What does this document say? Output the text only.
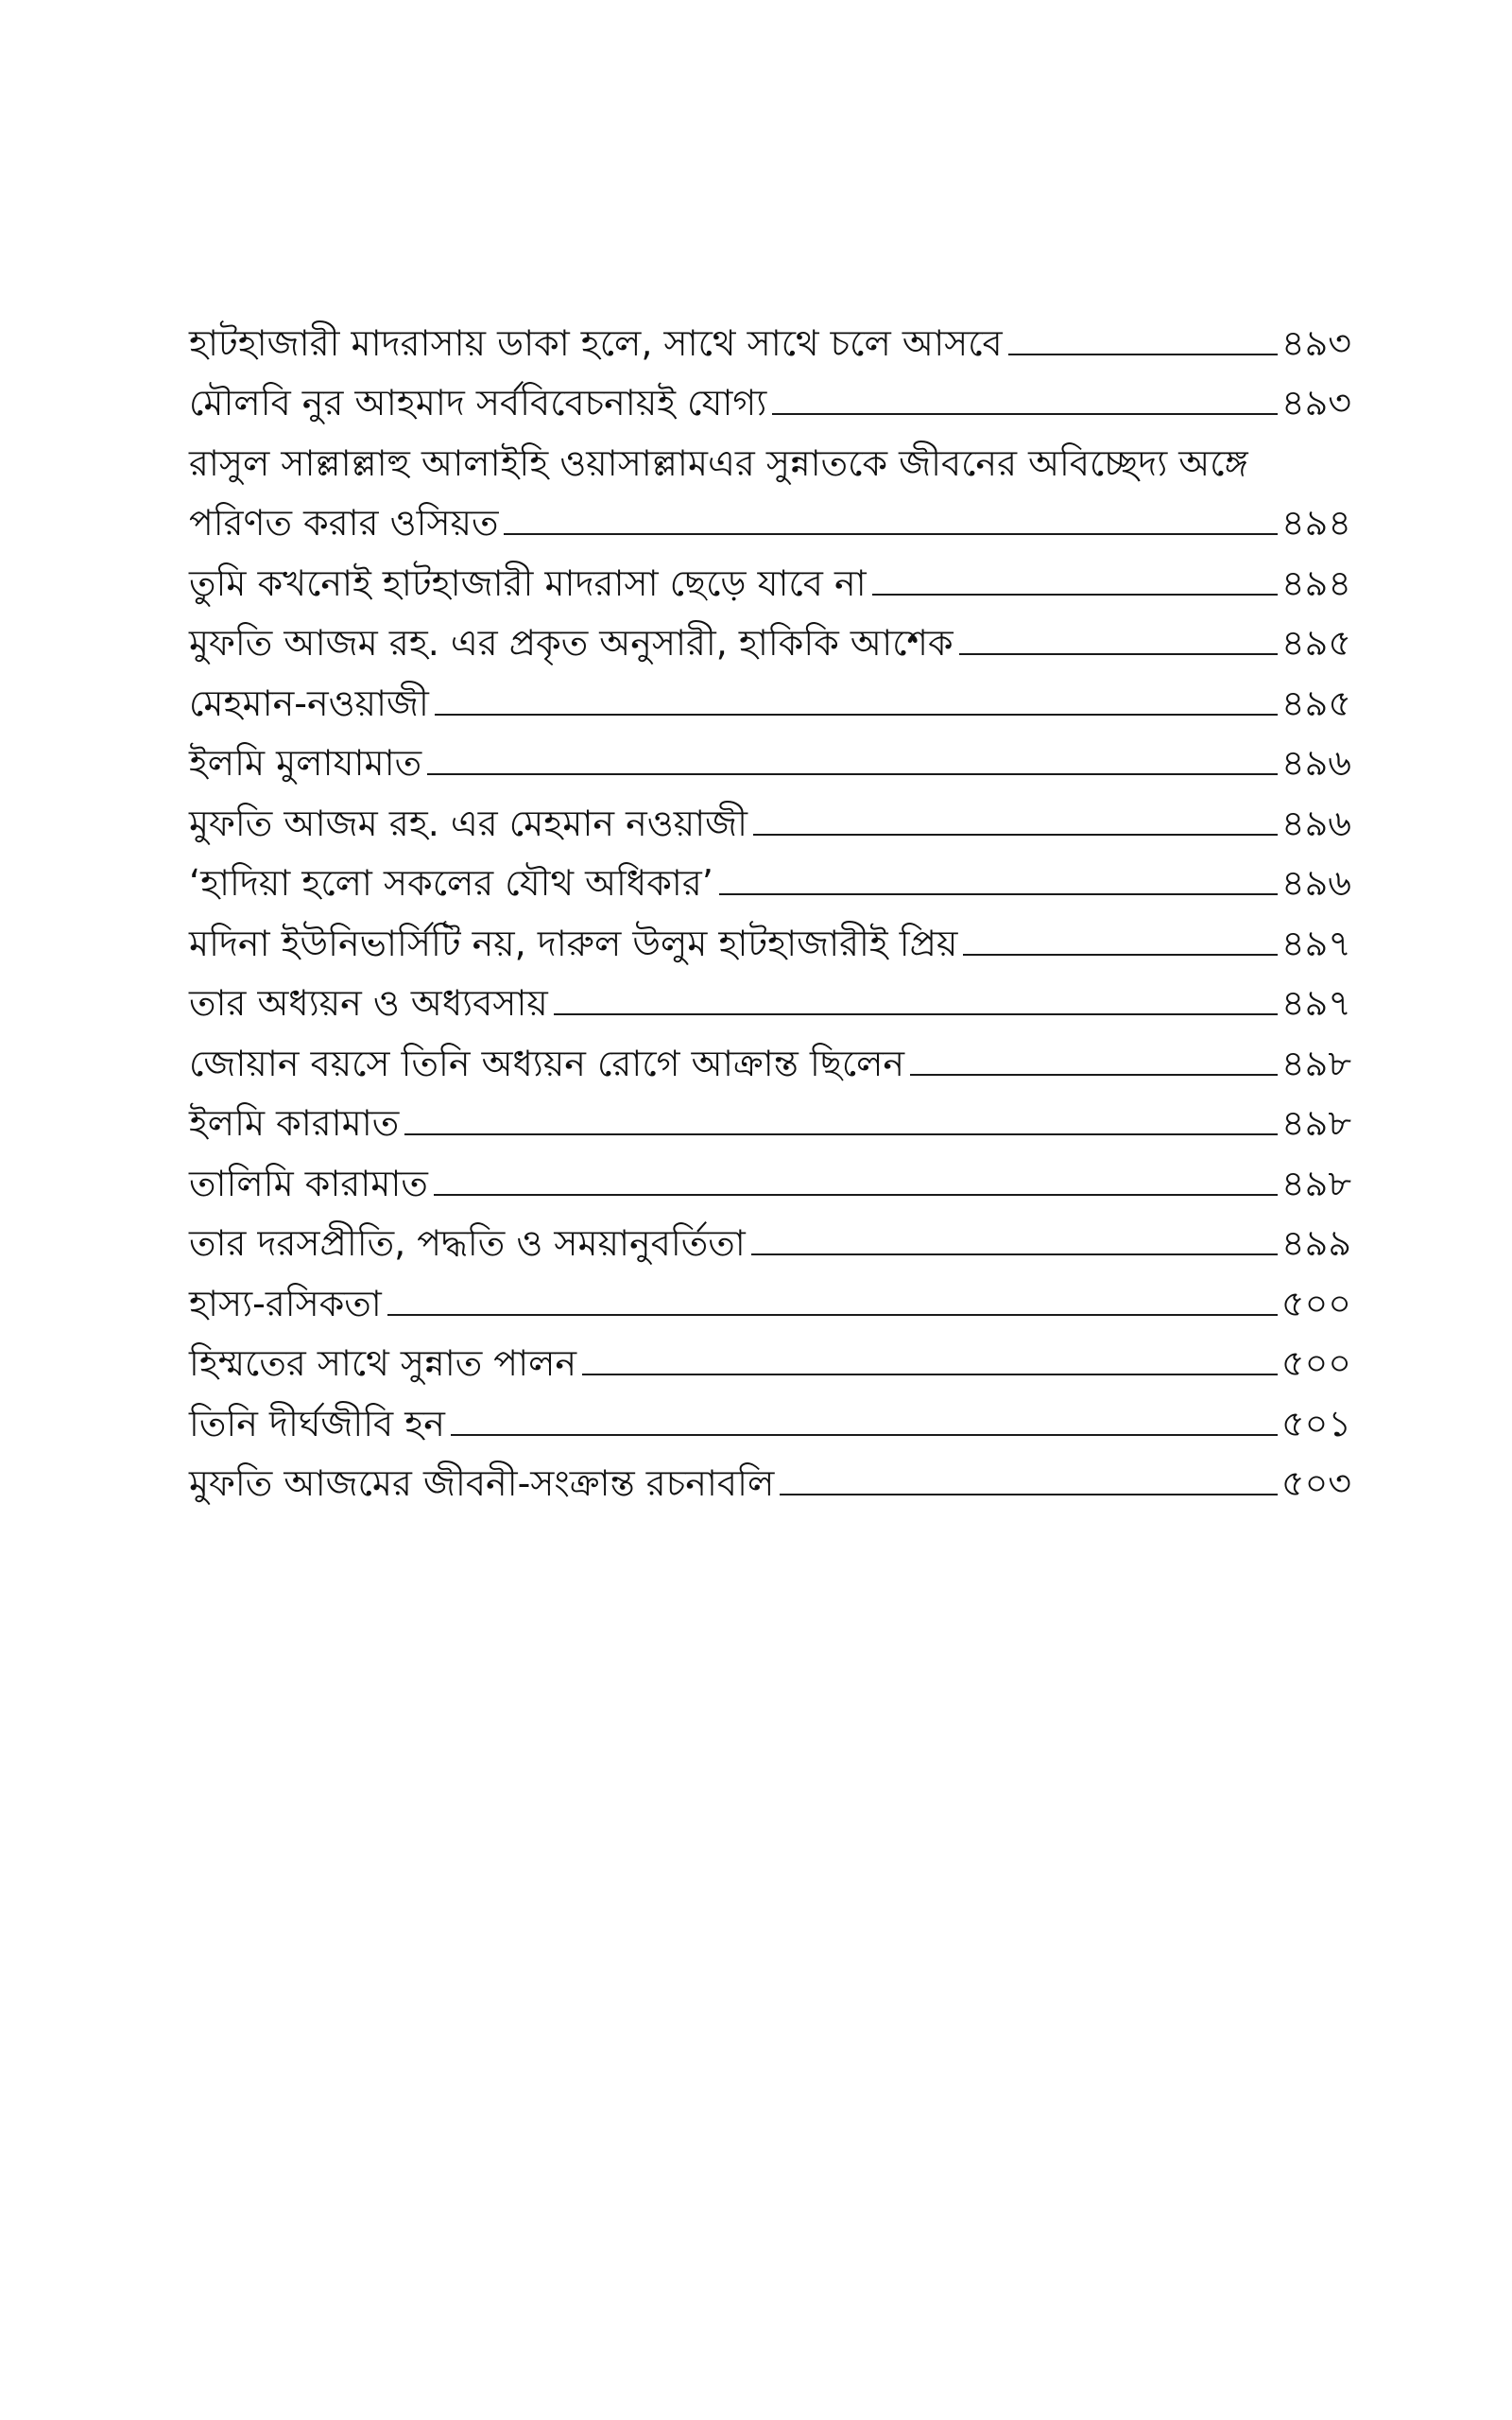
হাটহাজারী মাদরাসায় ডাকা হলে, সাথে সাথে চলে আসবে	৪৯৩
মৌলবি নুর আহমাদ সর্ববিবেচনায়ই যোগ্য	৪৯৩
রাসুল সাল্লাল্লাহু আলাইহি ওয়াসাল্লামএর সুন্নাতকে জীবনের অবিচ্ছেদ্য অঙ্গে
পরিণত করার ওসিয়ত	৪৯৪
তুমি কখনোই হাটহাজারী মাদরাসা ছেড়ে যাবে না	৪৯৪
মুফতি আজম রহ. এর প্রকৃত অনুসারী, হাকিকি আশেক	৪৯৫
মেহমান-নওয়াজী	৪৯৫
ইলমি মুলাযামাত	৪৯৬
মুফতি আজম রহ. এর মেহমান নওয়াজী	৪৯৬
‘হাদিয়া হলো সকলের যৌথ অধিকার’	৪৯৬
মদিনা ইউনিভার্সিটি নয়, দারুল উলুম হাটহাজারীই প্রিয়	৪৯৭
তার অধ্যয়ন ও অধ্যবসায়	৪৯৭
জোয়ান বয়সে তিনি অধ্যয়ন রোগে আক্রান্ত ছিলেন	৪৯৮
ইলমি কারামাত	৪৯৮
তালিমি কারামাত	৪৯৮
তার দরসপ্রীতি, পদ্ধতি ও সময়ানুবর্তিতা	৪৯৯
হাস্য-রসিকতা	৫০০
হিম্মতের সাথে সুন্নাত পালন	৫০০
তিনি দীর্ঘজীবি হন	৫০১
মুফতি আজমের জীবনী-সংক্রান্ত রচনাবলি	৫০৩
